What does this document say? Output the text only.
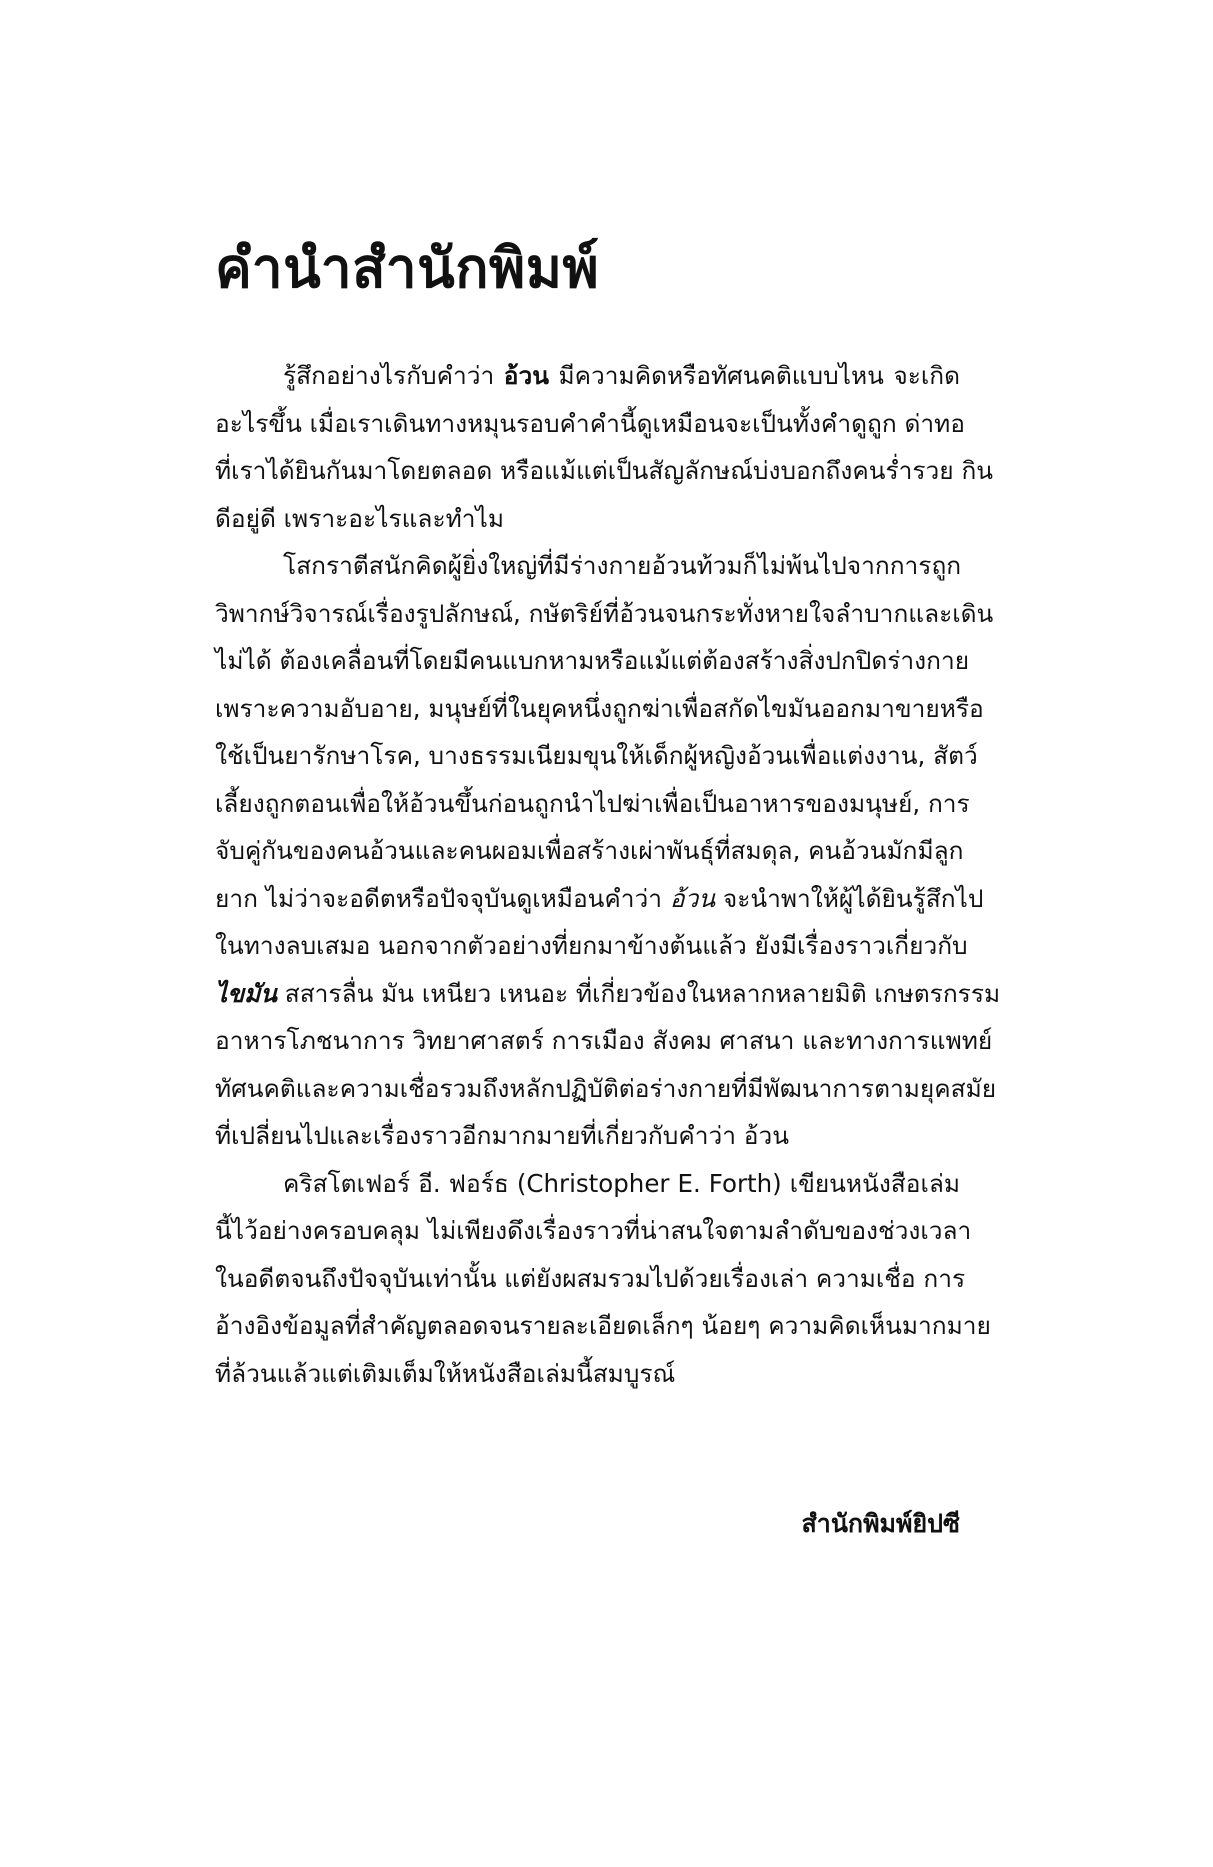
คำนำสำนักพิมพ์

รู้สึกอย่างไรกับคำว่า อ้วน มีความคิดหรือทัศนคติแบบไหน จะเกิด
อะไรขึ้น เมื่อเราเดินทางหมุนรอบคำคำนี้ดูเหมือนจะเป็นทั้งคำดูถูก ด่าทอ
ที่เราได้ยินกันมาโดยตลอด หรือแม้แต่เป็นสัญลักษณ์บ่งบอกถึงคนร่ำรวย กิน
ดีอยู่ดี เพราะอะไรและทำไม

โสกราตีสนักคิดผู้ยิ่งใหญ่ที่มีร่างกายอ้วนท้วมก็ไม่พ้นไปจากการถูก
วิพากษ์วิจารณ์เรื่องรูปลักษณ์, กษัตริย์ที่อ้วนจนกระทั่งหายใจลำบากและเดิน
ไม่ได้ ต้องเคลื่อนที่โดยมีคนแบกหามหรือแม้แต่ต้องสร้างสิ่งปกปิดร่างกาย
เพราะความอับอาย, มนุษย์ที่ในยุคหนึ่งถูกฆ่าเพื่อสกัดไขมันออกมาขายหรือ
ใช้เป็นยารักษาโรค, บางธรรมเนียมขุนให้เด็กผู้หญิงอ้วนเพื่อแต่งงาน, สัตว์
เลี้ยงถูกตอนเพื่อให้อ้วนขึ้นก่อนถูกนำไปฆ่าเพื่อเป็นอาหารของมนุษย์, การ
จับคู่กันของคนอ้วนและคนผอมเพื่อสร้างเผ่าพันธุ์ที่สมดุล, คนอ้วนมักมีลูก
ยาก ไม่ว่าจะอดีตหรือปัจจุบันดูเหมือนคำว่า อ้วน จะนำพาให้ผู้ได้ยินรู้สึกไป
ในทางลบเสมอ นอกจากตัวอย่างที่ยกมาข้างต้นแล้ว ยังมีเรื่องราวเกี่ยวกับ
ไขมัน สสารลื่น มัน เหนียว เหนอะ ที่เกี่ยวข้องในหลากหลายมิติ เกษตรกรรม
อาหารโภชนาการ วิทยาศาสตร์ การเมือง สังคม ศาสนา และทางการแพทย์
ทัศนคติและความเชื่อรวมถึงหลักปฏิบัติต่อร่างกายที่มีพัฒนาการตามยุคสมัย
ที่เปลี่ยนไปและเรื่องราวอีกมากมายที่เกี่ยวกับคำว่า อ้วน

คริสโตเฟอร์ อี. ฟอร์ธ (Christopher E. Forth) เขียนหนังสือเล่ม
นี้ไว้อย่างครอบคลุม ไม่เพียงดึงเรื่องราวที่น่าสนใจตามลำดับของช่วงเวลา
ในอดีตจนถึงปัจจุบันเท่านั้น แต่ยังผสมรวมไปด้วยเรื่องเล่า ความเชื่อ การ
อ้างอิงข้อมูลที่สำคัญตลอดจนรายละเอียดเล็กๆ น้อยๆ ความคิดเห็นมากมาย
ที่ล้วนแล้วแต่เติมเต็มให้หนังสือเล่มนี้สมบูรณ์

สำนักพิมพ์ยิปซี
